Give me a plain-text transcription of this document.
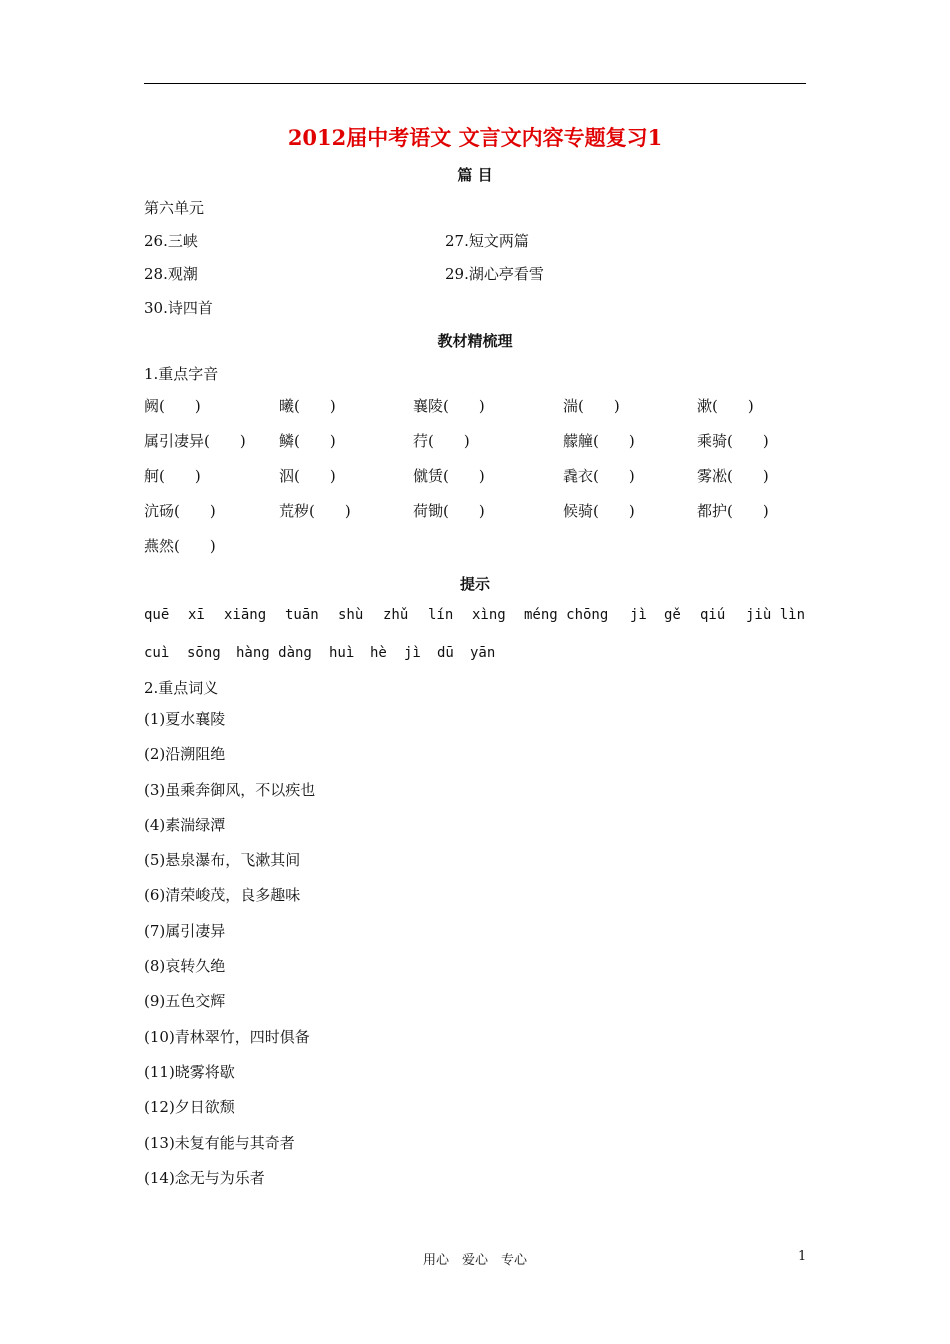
2012届中考语文 文言文内容专题复习1
篇 目
第六单元
26.三峡	27.短文两篇
28.观潮	29.湖心亭看雪
30.诗四首
教材精梳理
1.重点字音
阙(　　)	曦(　　)	襄陵(　　)	湍(　　)	漱(　　)
属引凄异(　　) 鳞(　　)	荇(　　)	艨艟(　　)	乘骑(　　)
舸(　　)	泅(　　)	僦赁(　　)	毳衣(　　)	雾凇(　　)
沆砀(　　)	荒秽(　　)	荷锄(　　)	候骑(　　)	都护(　　)
燕然(　　)
提示
quē xī xiāng tuān shù zhǔ lín xìng méng chōng jì gě qiú jiù lìn
cuì sōng hàng dàng huì hè jì dū yān
2.重点词义
(1)夏水襄陵
(2)沿溯阻绝
(3)虽乘奔御风，不以疾也
(4)素湍绿潭
(5)悬泉瀑布，飞漱其间
(6)清荣峻茂，良多趣味
(7)属引凄异
(8)哀转久绝
(9)五色交辉
(10)青林翠竹，四时俱备
(11)晓雾将歇
(12)夕日欲颓
(13)未复有能与其奇者
(14)念无与为乐者
用心　爱心　专心	1
